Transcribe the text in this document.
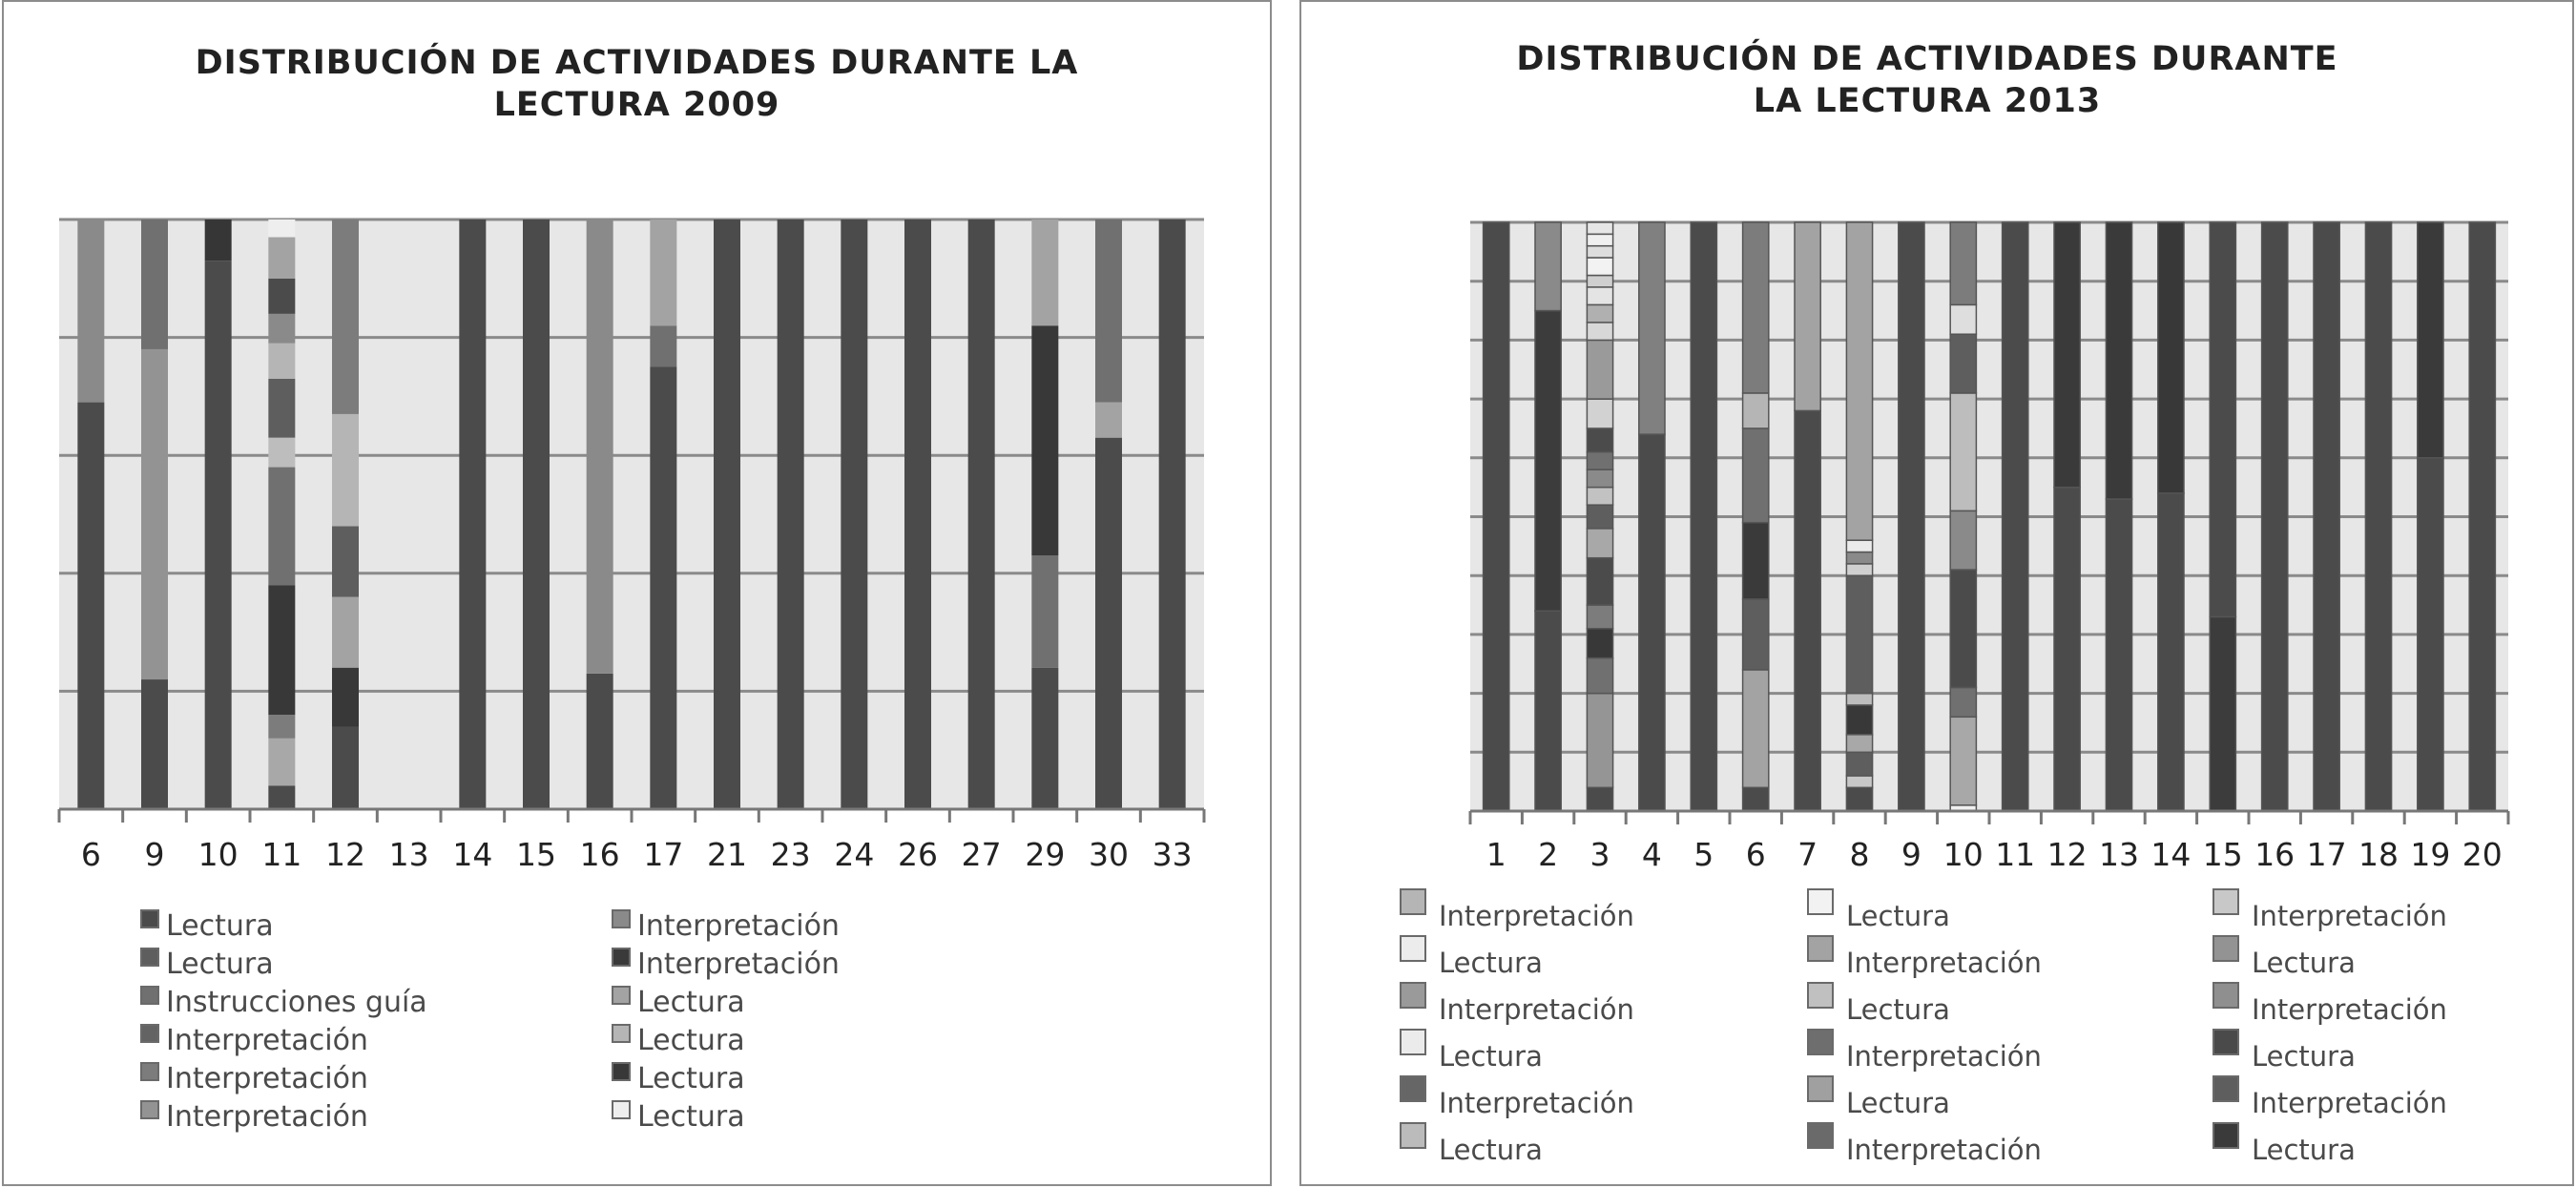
6 9 10 11 12 13 14 15 16 17 21 23 24 26 27 29 30 33
Lectura	Interpretación
Lectura	Interpretación
Instrucciones guía	Lectura
Interpretación	Lectura
Interpretación	Lectura
Interpretación	Lectura
DISTRIBUCIÓN DE ACTIVIDADES DURANTE LA LECTURA 2009
1 2 3 4 5 6 7 8 9 10 11 12 13 14 15 16 17 18 19 20
Interpretación	Lectura	Interpretación
Lectura	Interpretación	Lectura
Interpretación	Lectura	Interpretación
Lectura	Interpretación	Lectura
Interpretación	Lectura	Interpretación
Lectura	Interpretación	Lectura
DISTRIBUCIÓN DE ACTIVIDADES DURANTE LA LECTURA 2013
